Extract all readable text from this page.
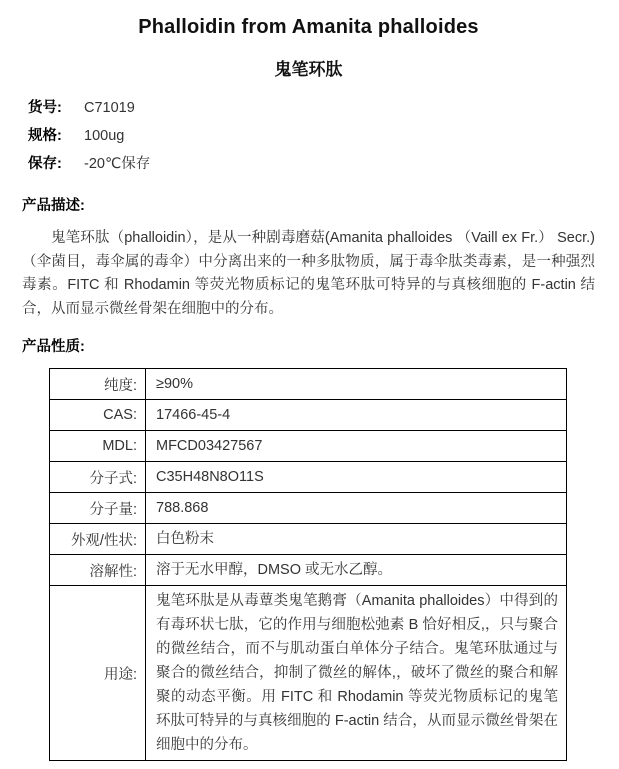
Phalloidin from Amanita phalloides
鬼笔环肽
货号:	C71019
规格:	100ug
保存:	-20℃保存
产品描述:
鬼笔环肽（phalloidin），是从一种剧毒磨菇(Amanita phalloides （Vaill ex Fr.） Secr.)（伞菌目，毒伞属的毒伞）中分离出来的一种多肽物质，属于毒伞肽类毒素，是一种强烈毒素。FITC 和 Rhodamin 等荧光物质标记的鬼笔环肽可特异的与真核细胞的 F-actin 结合，从而显示微丝骨架在细胞中的分布。
产品性质:
纯度:	≥90%
CAS:	17466-45-4
MDL:	MFCD03427567
分子式:	C35H48N8O11S
分子量:	788.868
外观/性状:	白色粉末
溶解性:	溶于无水甲醇，DMSO 或无水乙醇。
用途:	鬼笔环肽是从毒蕈类鬼笔鹅膏（Amanita phalloides）中得到的有毒环状七肽，它的作用与细胞松弛素 B 恰好相反,，只与聚合的微丝结合，而不与肌动蛋白单体分子结合。鬼笔环肽通过与聚合的微丝结合，抑制了微丝的解体,，破坏了微丝的聚合和解聚的动态平衡。用 FITC 和 Rhodamin 等荧光物质标记的鬼笔环肽可特异的与真核细胞的 F-actin 结合，从而显示微丝骨架在细胞中的分布。
